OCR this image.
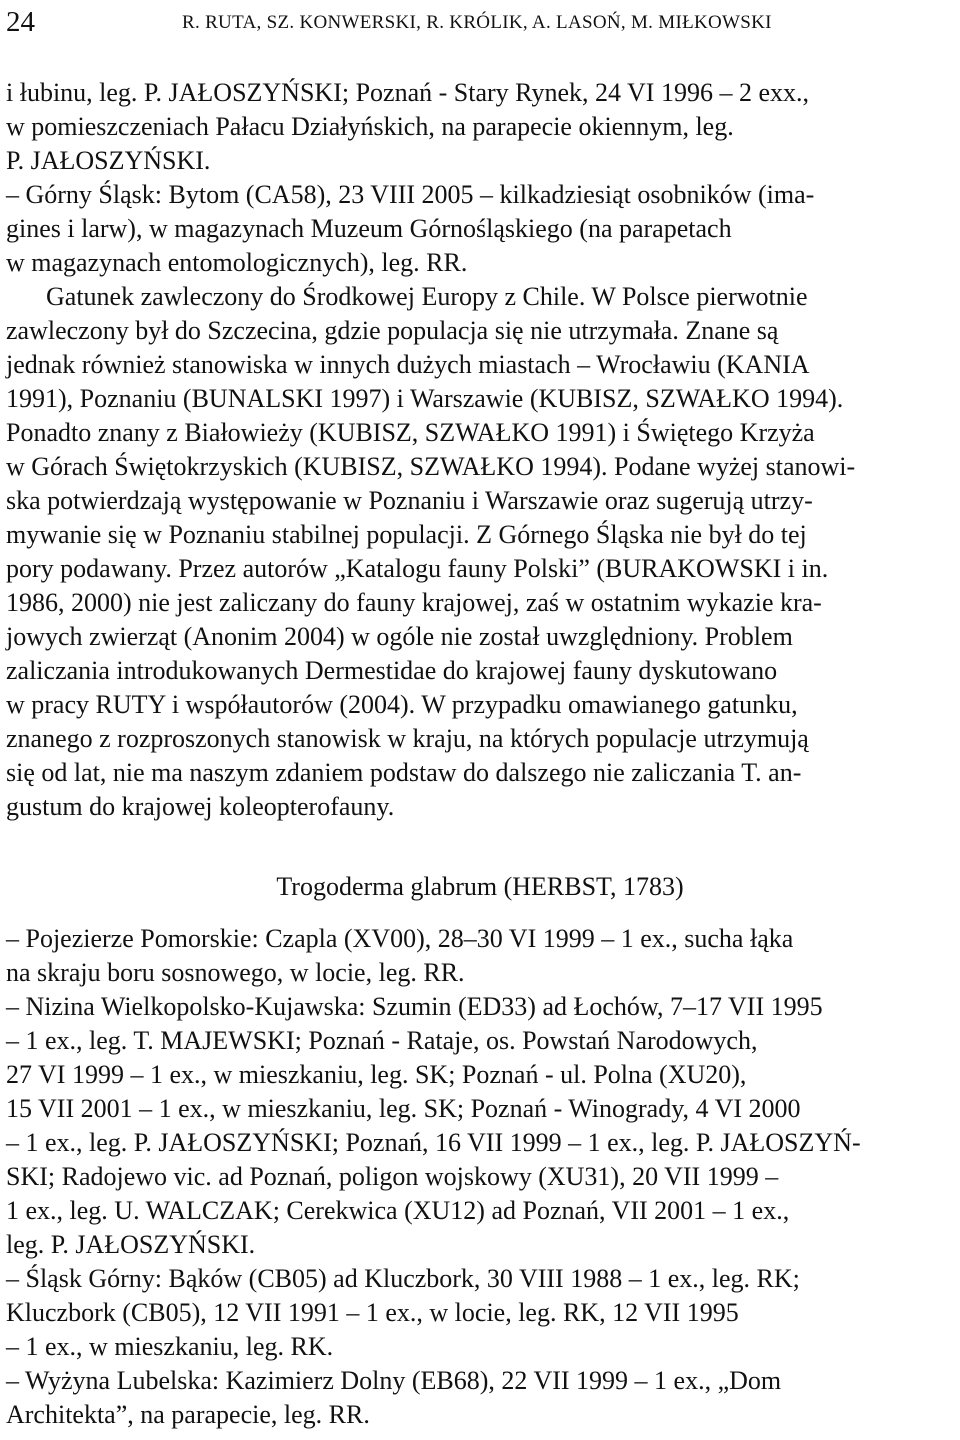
24	R. RUTA, SZ. KONWERSKI, R. KRÓLIK, A. LASOŃ, M. MIŁKOWSKI
i łubinu, leg. P. JAŁOSZYŃSKI; Poznań - Stary Rynek, 24 VI 1996 – 2 exx.,
w pomieszczeniach Pałacu Działyńskich, na parapecie okiennym, leg.
P. JAŁOSZYŃSKI.
– Górny Śląsk: Bytom (CA58), 23 VIII 2005 – kilkadziesiąt osobników (ima-
gines i larw), w magazynach Muzeum Górnośląskiego (na parapetach
w magazynach entomologicznych), leg. RR.
Gatunek zawleczony do Środkowej Europy z Chile. W Polsce pierwotnie
zawleczony był do Szczecina, gdzie populacja się nie utrzymała. Znane są
jednak również stanowiska w innych dużych miastach – Wrocławiu (KANIA
1991), Poznaniu (BUNALSKI 1997) i Warszawie (KUBISZ, SZWAŁKO 1994).
Ponadto znany z Białowieży (KUBISZ, SZWAŁKO 1991) i Świętego Krzyża
w Górach Świętokrzyskich (KUBISZ, SZWAŁKO 1994). Podane wyżej stanowi-
ska potwierdzają występowanie w Poznaniu i Warszawie oraz sugerują utrzy-
mywanie się w Poznaniu stabilnej populacji. Z Górnego Śląska nie był do tej
pory podawany. Przez autorów „Katalogu fauny Polski” (BURAKOWSKI i in.
1986, 2000) nie jest zaliczany do fauny krajowej, zaś w ostatnim wykazie kra-
jowych zwierząt (Anonim 2004) w ogóle nie został uwzględniony. Problem
zaliczania introdukowanych Dermestidae do krajowej fauny dyskutowano
w pracy RUTY i współautorów (2004). W przypadku omawianego gatunku,
znanego z rozproszonych stanowisk w kraju, na których populacje utrzymują
się od lat, nie ma naszym zdaniem podstaw do dalszego nie zaliczania T. an-
gustum do krajowej koleopterofauny.
Trogoderma glabrum (HERBST, 1783)
– Pojezierze Pomorskie: Czapla (XV00), 28–30 VI 1999 – 1 ex., sucha łąka
na skraju boru sosnowego, w locie, leg. RR.
– Nizina Wielkopolsko-Kujawska: Szumin (ED33) ad Łochów, 7–17 VII 1995
– 1 ex., leg. T. MAJEWSKI; Poznań - Rataje, os. Powstań Narodowych,
27 VI 1999 – 1 ex., w mieszkaniu, leg. SK; Poznań - ul. Polna (XU20),
15 VII 2001 – 1 ex., w mieszkaniu, leg. SK; Poznań - Winogrady, 4 VI 2000
– 1 ex., leg. P. JAŁOSZYŃSKI; Poznań, 16 VII 1999 – 1 ex., leg. P. JAŁOSZYŃ-
SKI; Radojewo vic. ad Poznań, poligon wojskowy (XU31), 20 VII 1999 –
1 ex., leg. U. WALCZAK; Cerekwica (XU12) ad Poznań, VII 2001 – 1 ex.,
leg. P. JAŁOSZYŃSKI.
– Śląsk Górny: Bąków (CB05) ad Kluczbork, 30 VIII 1988 – 1 ex., leg. RK;
Kluczbork (CB05), 12 VII 1991 – 1 ex., w locie, leg. RK, 12 VII 1995
– 1 ex., w mieszkaniu, leg. RK.
– Wyżyna Lubelska: Kazimierz Dolny (EB68), 22 VII 1999 – 1 ex., „Dom
Architekta”, na parapecie, leg. RR.
